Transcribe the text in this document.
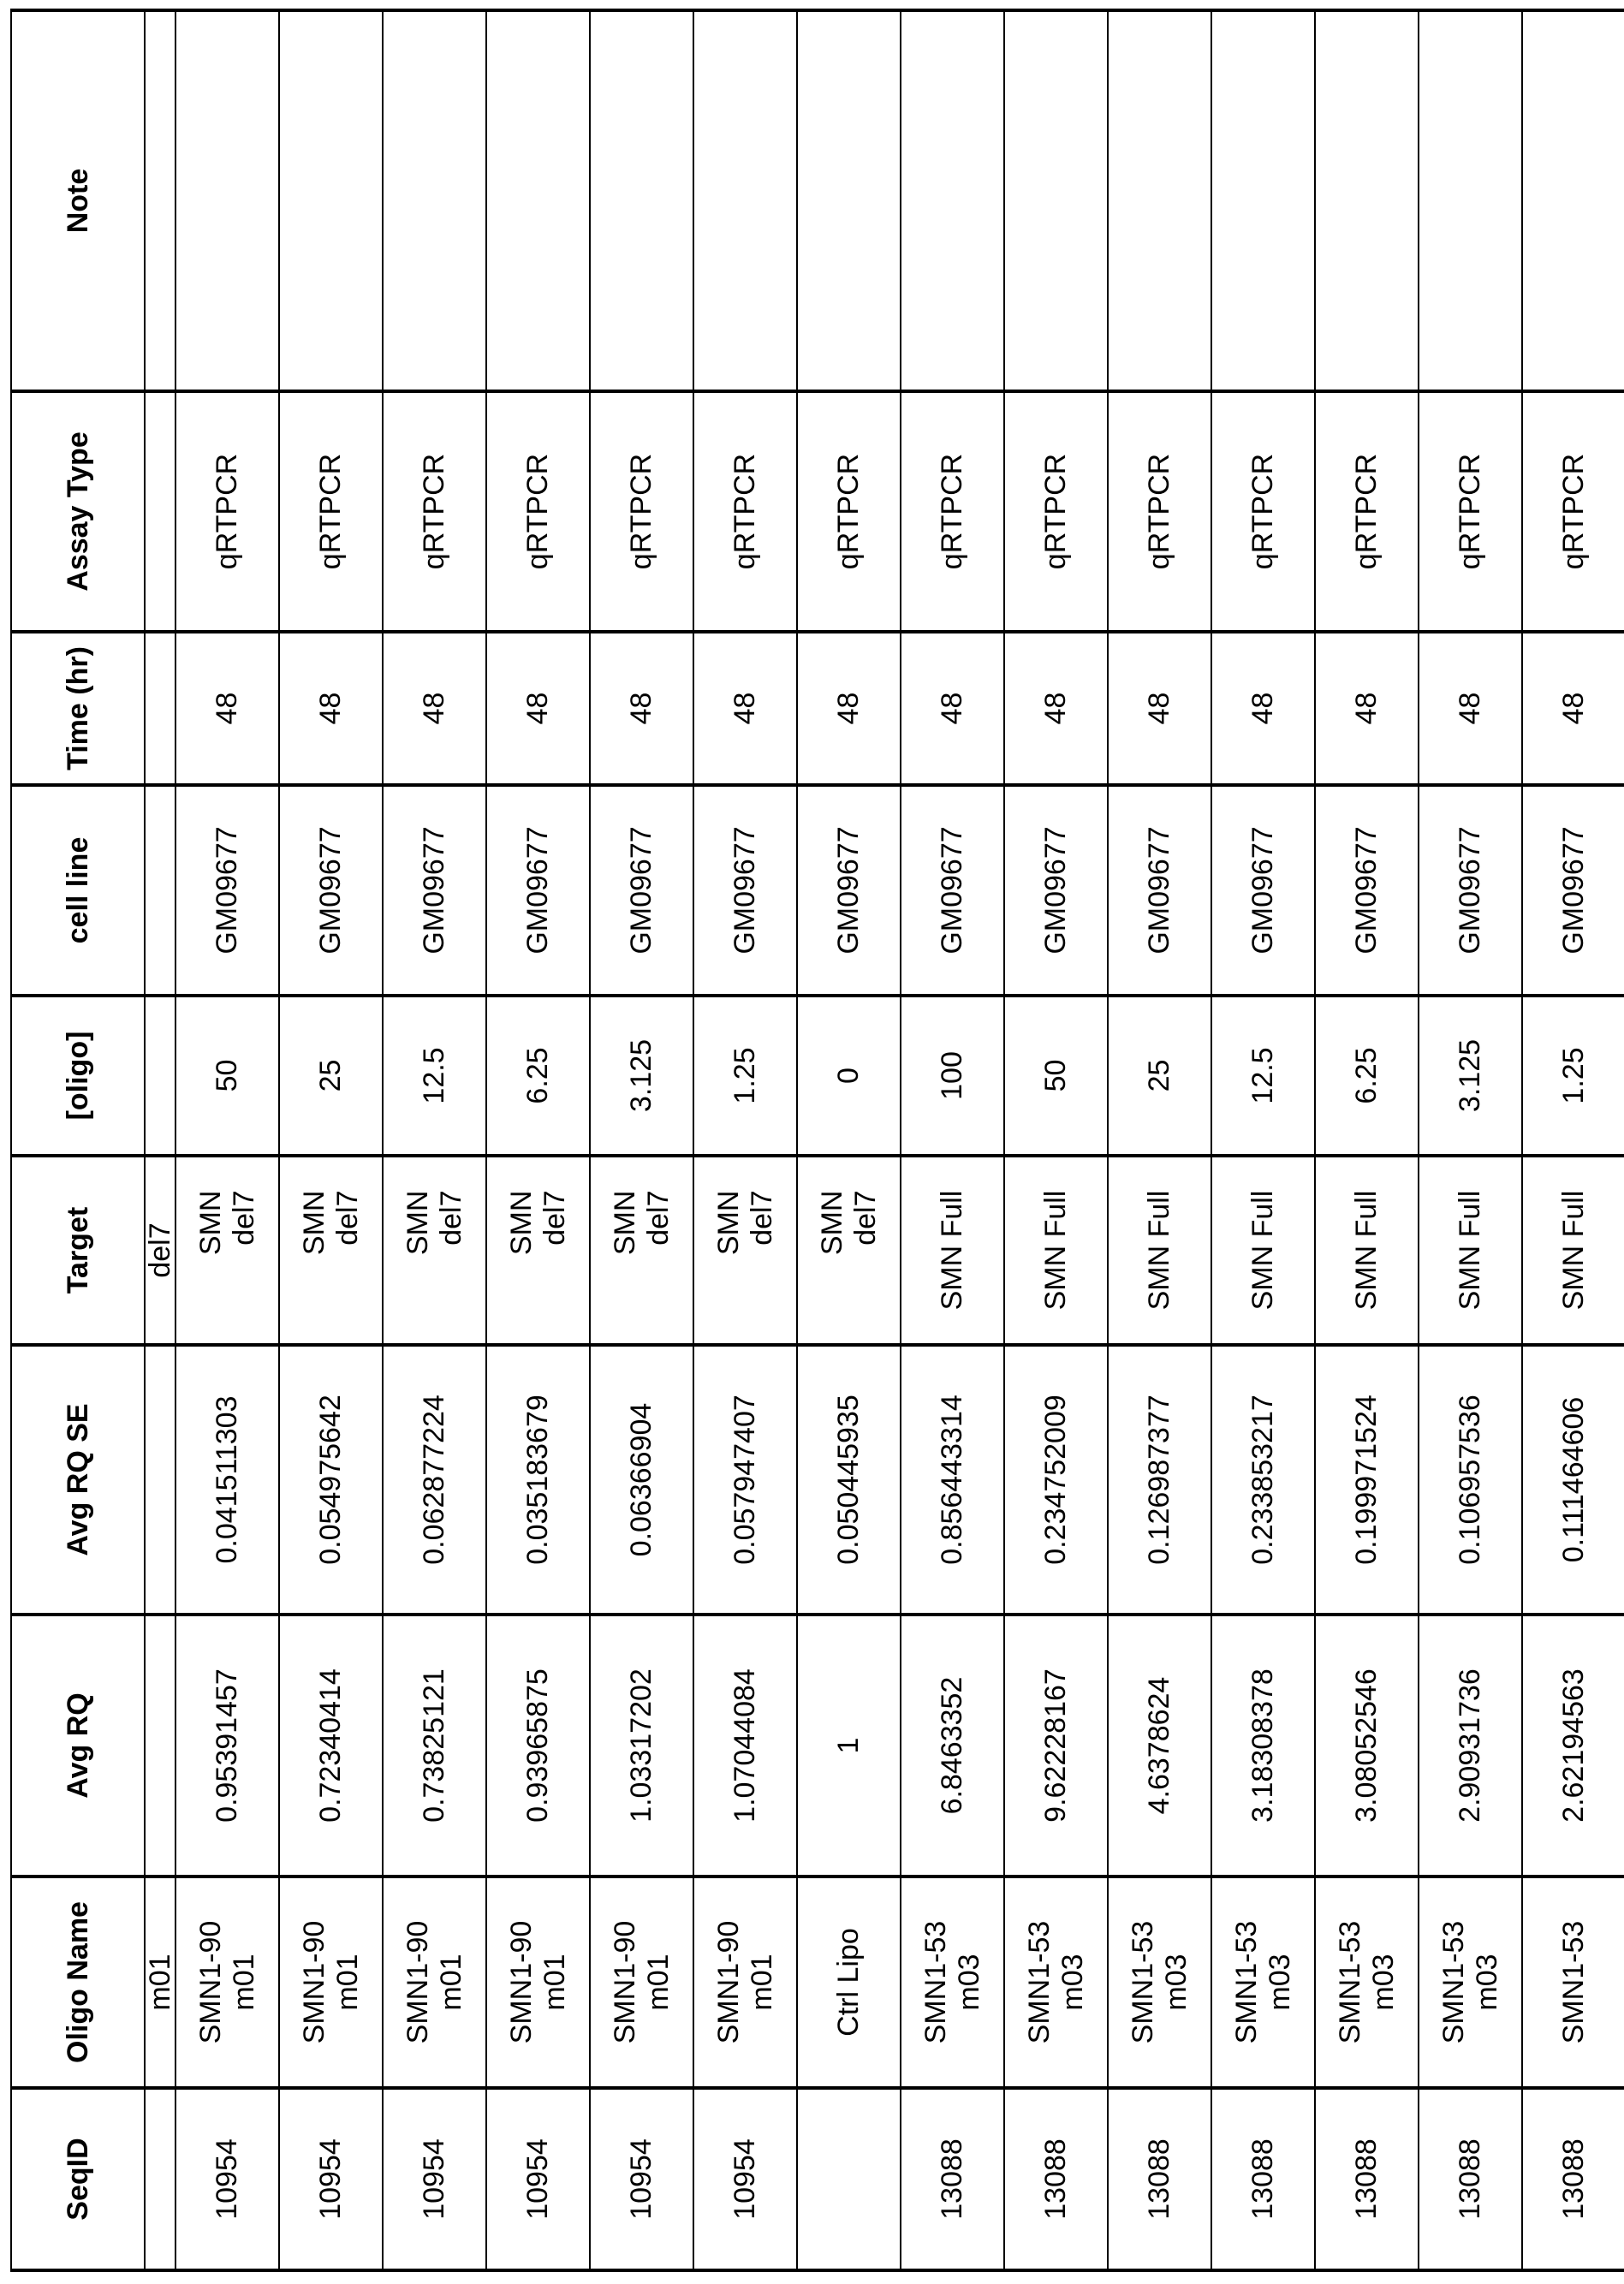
SeqID	Oligo Name	Avg RQ	Avg RQ SE	Target	[oligo]	cell line	Time (hr)	Assay Type	Note
	m01			del7					
10954	SMN1-90 m01	0.95391457	0.041511303	SMN del7	50	GM09677	48	qRTPCR	
10954	SMN1-90 m01	0.72340414	0.054975642	SMN del7	25	GM09677	48	qRTPCR	
10954	SMN1-90 m01	0.73825121	0.062877224	SMN del7	12.5	GM09677	48	qRTPCR	
10954	SMN1-90 m01	0.93965875	0.035183679	SMN del7	6.25	GM09677	48	qRTPCR	
10954	SMN1-90 m01	1.03317202	0.06366904	SMN del7	3.125	GM09677	48	qRTPCR	
10954	SMN1-90 m01	1.07044084	0.057947407	SMN del7	1.25	GM09677	48	qRTPCR	
	Ctrl Lipo	1	0.050445935	SMN del7	0	GM09677	48	qRTPCR	
13088	SMN1-53 m03	6.8463352	0.856443314	SMN Full	100	GM09677	48	qRTPCR	
13088	SMN1-53 m03	9.62228167	0.234752009	SMN Full	50	GM09677	48	qRTPCR	
13088	SMN1-53 m03	4.6378624	0.126987377	SMN Full	25	GM09677	48	qRTPCR	
13088	SMN1-53 m03	3.18308378	0.233853217	SMN Full	12.5	GM09677	48	qRTPCR	
13088	SMN1-53 m03	3.08052546	0.199971524	SMN Full	6.25	GM09677	48	qRTPCR	
13088	SMN1-53 m03	2.90931736	0.106957536	SMN Full	3.125	GM09677	48	qRTPCR	
13088	SMN1-53	2.62194563	0.111464606	SMN Full	1.25	GM09677	48	qRTPCR	
